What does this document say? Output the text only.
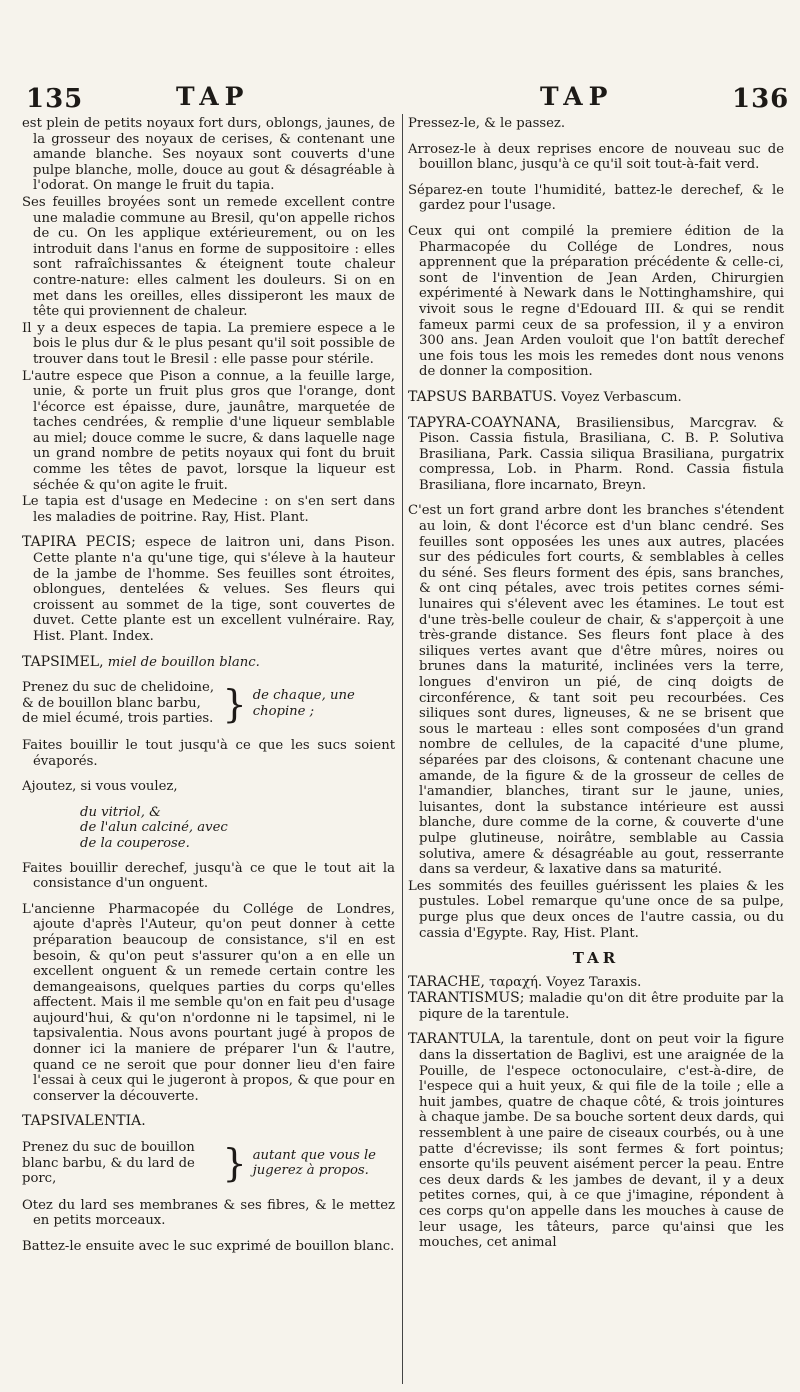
135	TAP	TAP	136

est plein de petits noyaux fort durs, oblongs, jaunes, de la grosseur des noyaux de cerises, & contenant une amande blanche. Ses noyaux sont couverts d'une pulpe blanche, molle, douce au gout & désagréable à l'odorat. On mange le fruit du tapia.

Ses feuilles broyées sont un remede excellent contre une maladie commune au Bresil, qu'on appelle richos de cu. On les applique extérieurement, ou on les introduit dans l'anus en forme de suppositoire : elles sont rafraîchissantes & éteignent toute chaleur contre-nature: elles calment les douleurs. Si on en met dans les oreilles, elles dissiperont les maux de tête qui proviennent de chaleur.

Il y a deux especes de tapia. La premiere espece a le bois le plus dur & le plus pesant qu'il soit possible de trouver dans tout le Bresil : elle passe pour stérile.

L'autre espece que Pison a connue, a la feuille large, unie, & porte un fruit plus gros que l'orange, dont l'écorce est épaisse, dure, jaunâtre, marquetée de taches cendrées, & remplie d'une liqueur semblable au miel; douce comme le sucre, & dans laquelle nage un grand nombre de petits noyaux qui font du bruit comme les têtes de pavot, lorsque la liqueur est séchée & qu'on agite le fruit.

Le tapia est d'usage en Medecine : on s'en sert dans les maladies de poitrine. Ray, Hist. Plant.

TAPIRA PECIS; espece de laitron uni, dans Pison. Cette plante n'a qu'une tige, qui s'éleve à la hauteur de la jambe de l'homme. Ses feuilles sont étroites, oblongues, dentelées & velues. Ses fleurs qui croissent au sommet de la tige, sont couvertes de duvet. Cette plante est un excellent vulnéraire. Ray, Hist. Plant. Index.

TAPSIMEL, miel de bouillon blanc.

Prenez du suc de chelidoine, & de bouillon blanc barbu, de miel écumé, trois parties. } de chaque, une chopine ;

Faites bouillir le tout jusqu'à ce que les sucs soient évaporés.

Ajoutez, si vous voulez,

du vitriol, &

de l'alun calciné, avec

de la couperose.

Faites bouillir derechef, jusqu'à ce que le tout ait la consistance d'un onguent.

L'ancienne Pharmacopée du Collége de Londres, ajoute d'après l'Auteur, qu'on peut donner à cette préparation beaucoup de consistance, s'il en est besoin, & qu'on peut s'assurer qu'on a en elle un excellent onguent & un remede certain contre les demangeaisons, quelques parties du corps qu'elles affectent. Mais il me semble qu'on en fait peu d'usage aujourd'hui, & qu'on n'ordonne ni le tapsimel, ni le tapsivalentia. Nous avons pourtant jugé à propos de donner ici la maniere de préparer l'un & l'autre, quand ce ne seroit que pour donner lieu d'en faire l'essai à ceux qui le jugeront à propos, & que pour en conserver la découverte.

TAPSIVALENTIA.

Prenez du suc de bouillon blanc barbu, & du lard de porc,	} autant que vous le jugerez à propos.

Otez du lard ses membranes & ses fibres, & le mettez en petits morceaux.

Battez-le ensuite avec le suc exprimé de bouillon blanc.

Pressez-le, & le passez.

Arrosez-le à deux reprises encore de nouveau suc de bouillon blanc, jusqu'à ce qu'il soit tout-à-fait verd.

Séparez-en toute l'humidité, battez-le derechef, & le gardez pour l'usage.

Ceux qui ont compilé la premiere édition de la Pharmacopée du Collége de Londres, nous apprennent que la préparation précédente & celle-ci, sont de l'invention de Jean Arden, Chirurgien expérimenté à Newark dans le Nottinghamshire, qui vivoit sous le regne d'Edouard III. & qui se rendit fameux parmi ceux de sa profession, il y a environ 300 ans. Jean Arden vouloit que l'on battît derechef une fois tous les mois les remedes dont nous venons de donner la composition.

TAPSUS BARBATUS. Voyez Verbascum.

TAPYRA-COAYNANA, Brasiliensibus, Marcgrav. & Pison. Cassia fistula, Brasiliana, C. B. P. Solutiva Brasiliana, Park. Cassia siliqua Brasiliana, purgatrix compressa, Lob. in Pharm. Rond. Cassia fistula Brasiliana, flore incarnato, Breyn.

C'est un fort grand arbre dont les branches s'étendent au loin, & dont l'écorce est d'un blanc cendré. Ses feuilles sont opposées les unes aux autres, placées sur des pédicules fort courts, & semblables à celles du séné. Ses fleurs forment des épis, sans branches, & ont cinq pétales, avec trois petites cornes sémi-lunaires qui s'élevent avec les étamines. Le tout est d'une très-belle couleur de chair, & s'apperçoit à une très-grande distance. Ses fleurs font place à des siliques vertes avant que d'être mûres, noires ou brunes dans la maturité, inclinées vers la terre, longues d'environ un pié, de cinq doigts de circonférence, & tant soit peu recourbées. Ces siliques sont dures, ligneuses, & ne se brisent que sous le marteau : elles sont composées d'un grand nombre de cellules, de la capacité d'une plume, séparées par des cloisons, & contenant chacune une amande, de la figure & de la grosseur de celles de l'amandier, blanches, tirant sur le jaune, unies, luisantes, dont la substance intérieure est aussi blanche, dure comme de la corne, & couverte d'une pulpe glutineuse, noirâtre, semblable au Cassia solutiva, amere & désagréable au gout, resserrante dans sa verdeur, & laxative dans sa maturité.

Les sommités des feuilles guérissent les plaies & les pustules. Lobel remarque qu'une once de sa pulpe, purge plus que deux onces de l'autre cassia, ou du cassia d'Egypte. Ray, Hist. Plant.

TAR

TARACHE, ταραχή. Voyez Taraxis.

TARANTISMUS; maladie qu'on dit être produite par la piqure de la tarentule.

TARANTULA, la tarentule, dont on peut voir la figure dans la dissertation de Baglivi, est une araignée de la Pouille, de l'espece octonoculaire, c'est-à-dire, de l'espece qui a huit yeux, & qui file de la toile ; elle a huit jambes, quatre de chaque côté, & trois jointures à chaque jambe. De sa bouche sortent deux dards, qui ressemblent à une paire de ciseaux courbés, ou à une patte d'écrevisse; ils sont fermes & fort pointus; ensorte qu'ils peuvent aisément percer la peau. Entre ces deux dards & les jambes de devant, il y a deux petites cornes, qui, à ce que j'imagine, répondent à ces corps qu'on appelle dans les mouches à cause de leur usage, les tâteurs, parce qu'ainsi que les mouches, cet animal
